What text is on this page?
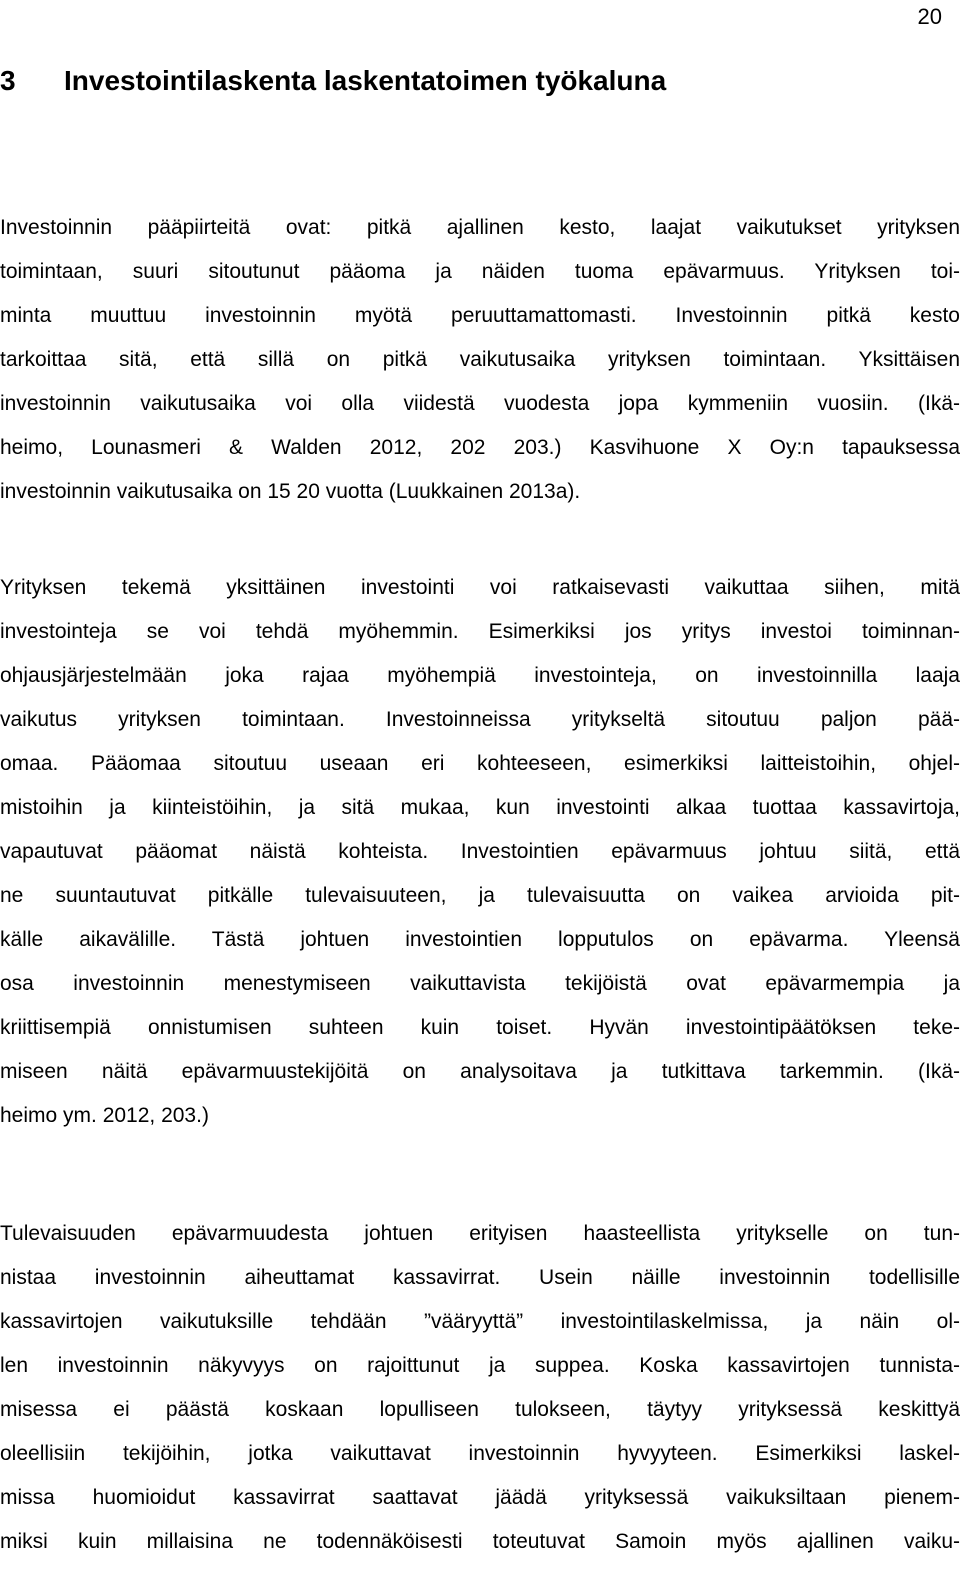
20
3 Investointilaskenta laskentatoimen työkaluna
Investoinnin pääpiirteitä ovat: pitkä ajallinen kesto, laajat vaikutukset yrityksen
toimintaan, suuri sitoutunut pääoma ja näiden tuoma epävarmuus. Yrityksen toi-
minta muuttuu investoinnin myötä peruuttamattomasti. Investoinnin pitkä kesto
tarkoittaa sitä, että sillä on pitkä vaikutusaika yrityksen toimintaan. Yksittäisen
investoinnin vaikutusaika voi olla viidestä vuodesta jopa kymmeniin vuosiin. (Ikä-
heimo, Lounasmeri & Walden 2012, 202 203.) Kasvihuone X Oy:n tapauksessa
investoinnin vaikutusaika on 15 20 vuotta (Luukkainen 2013a).
Yrityksen tekemä yksittäinen investointi voi ratkaisevasti vaikuttaa siihen, mitä
investointeja se voi tehdä myöhemmin. Esimerkiksi jos yritys investoi toiminnan-
ohjausjärjestelmään joka rajaa myöhempiä investointeja, on investoinnilla laaja
vaikutus yrityksen toimintaan. Investoinneissa yritykseltä sitoutuu paljon pää-
omaa. Pääomaa sitoutuu useaan eri kohteeseen, esimerkiksi laitteistoihin, ohjel-
mistoihin ja kiinteistöihin, ja sitä mukaa, kun investointi alkaa tuottaa kassavirtoja,
vapautuvat pääomat näistä kohteista. Investointien epävarmuus johtuu siitä, että
ne suuntautuvat pitkälle tulevaisuuteen, ja tulevaisuutta on vaikea arvioida pit-
källe aikavälille. Tästä johtuen investointien lopputulos on epävarma. Yleensä
osa investoinnin menestymiseen vaikuttavista tekijöistä ovat epävarmempia ja
kriittisempiä onnistumisen suhteen kuin toiset. Hyvän investointipäätöksen teke-
miseen näitä epävarmuustekijöitä on analysoitava ja tutkittava tarkemmin. (Ikä-
heimo ym. 2012, 203.)
Tulevaisuuden epävarmuudesta johtuen erityisen haasteellista yritykselle on tun-
nistaa investoinnin aiheuttamat kassavirrat. Usein näille investoinnin todellisille
kassavirtojen vaikutuksille tehdään ”vääryyttä” investointilaskelmissa, ja näin ol-
len investoinnin näkyvyys on rajoittunut ja suppea. Koska kassavirtojen tunnista-
misessa ei päästä koskaan lopulliseen tulokseen, täytyy yrityksessä keskittyä
oleellisiin tekijöihin, jotka vaikuttavat investoinnin hyvyyteen. Esimerkiksi laskel-
missa huomioidut kassavirrat saattavat jäädä yrityksessä vaikuksiltaan pienem-
miksi kuin millaisina ne todennäköisesti toteutuvat Samoin myös ajallinen vaiku-
